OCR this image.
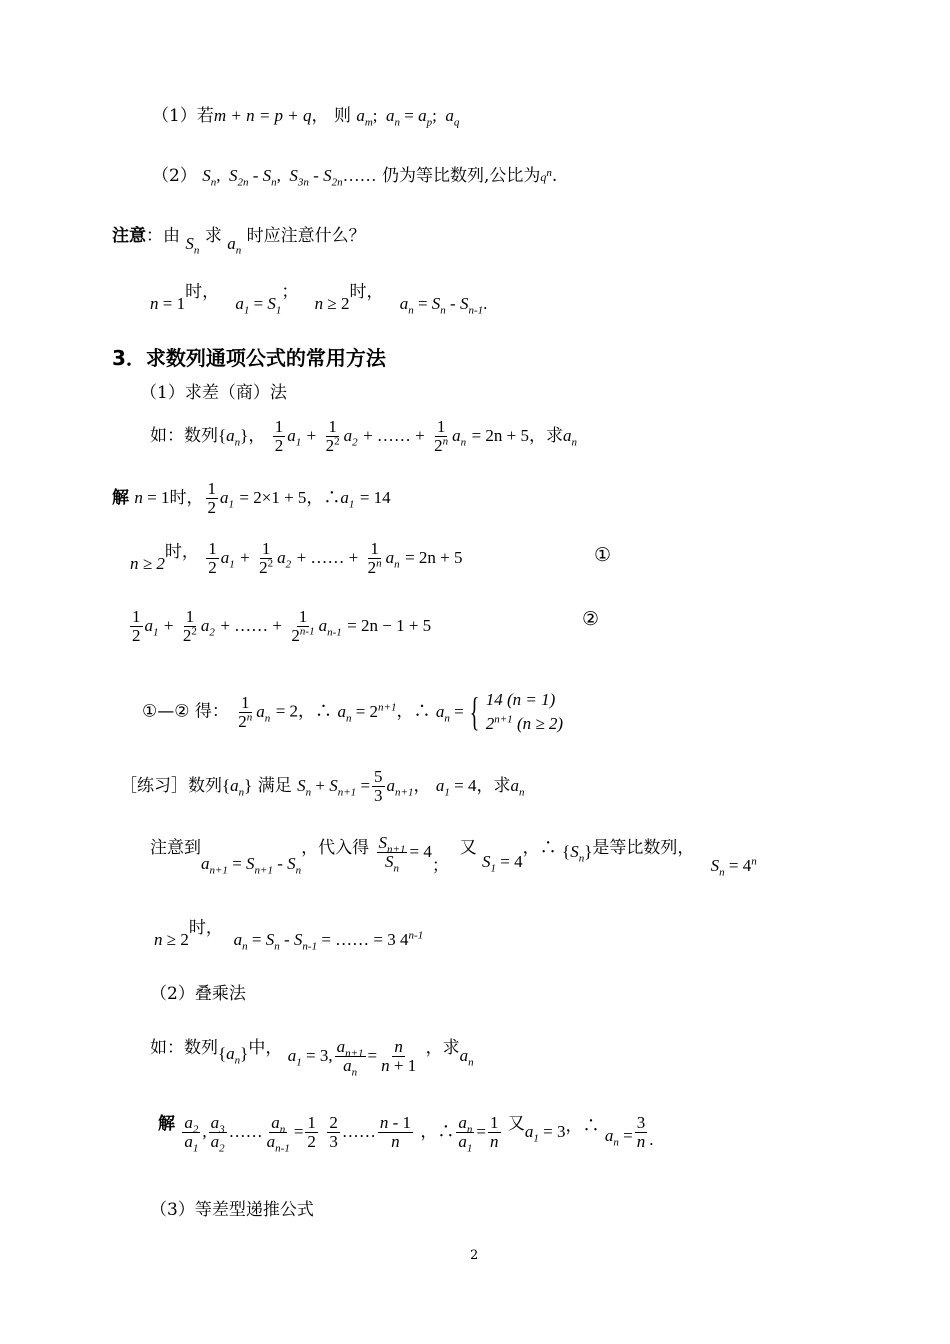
（1）若m + n = p + q， 则 $a_m$;  $a_n = a_p$;  $a_q$
（2） $S_n$,  $S_{2n} - S_n$,  $S_{3n}$ - $S_{2n}\dots\dots$ 仍为等比数列,公比为$q^n$.
注意：由 $S_n$ 求 $a_n$ 时应注意什么？
n = 1时，   $a_1 = S_1$；   n ≥ 2时，   $a_n = S_n - S_{n-1}$.
3．求数列通项公式的常用方法
（1）求差（商）法
如：数列$\{a_n\}$， $\frac{1}{2} a_1 + \frac{1}{2^2} a_2$ + …… + $\frac{1}{2^n} a_n = 2n + 5$，求$a_n$
解 n = 1时， $\frac{1}{2} a_1 = 2\times 1 + 5$，$\therefore a_1 = 14$
n ≥ 2时， $\frac{1}{2} a_1 + \frac{1}{2^2} a_2$ + …… + $\frac{1}{2^n} a_n = 2n + 5$	①
$\frac{1}{2} a_1 + \frac{1}{2^2} a_2$ + …… + $\frac{1}{2^{n-1}} a_{n-1} = 2n - 1 + 5$	②
①—② 得： $\frac{1}{2^n} a_n = 2$，∴ $a_n = 2^{n+1}$，∴ $a_n$ = { 14 (n = 1)
$2^{n+1}$ (n ≥ 2)
［练习］数列$\{a_n\}$ 满足 $S_n + S_{n+1} = \frac{5}{3} a_{n+1}$， $a_1 = 4$，求$a_n$
注意到$a_{n+1} = S_{n+1} - S_n$，代入得 $\frac{S_{n+1}}{S_n} = 4$；  又 $S_1 = 4$，∴ $\{S_n\}$是等比数列，   $S_n = 4^n$
n ≥ 2时，  $a_n = S_n - S_{n-1}$ = …… = 3 4$^{n-1}$
（2）叠乘法
如：数列$\{a_n\}$中， $a_1 = 3$, $\frac{a_{n+1}}{a_n} = \frac{n}{n + 1}$ ，求$a_n$
解 $\frac{a_2}{a_1}$ , $\frac{a_3}{a_2}$ …… $\frac{a_n}{a_{n-1}} = \frac{1}{2}$
$\frac{2}{3}$ …… $\frac{n - 1}{n}$ ，∴ $\frac{a_n}{a_1} = \frac{1}{n}$ 又$a_1 = 3$，∴ $a_n = \frac{3}{n}$ .
（3）等差型递推公式
2
